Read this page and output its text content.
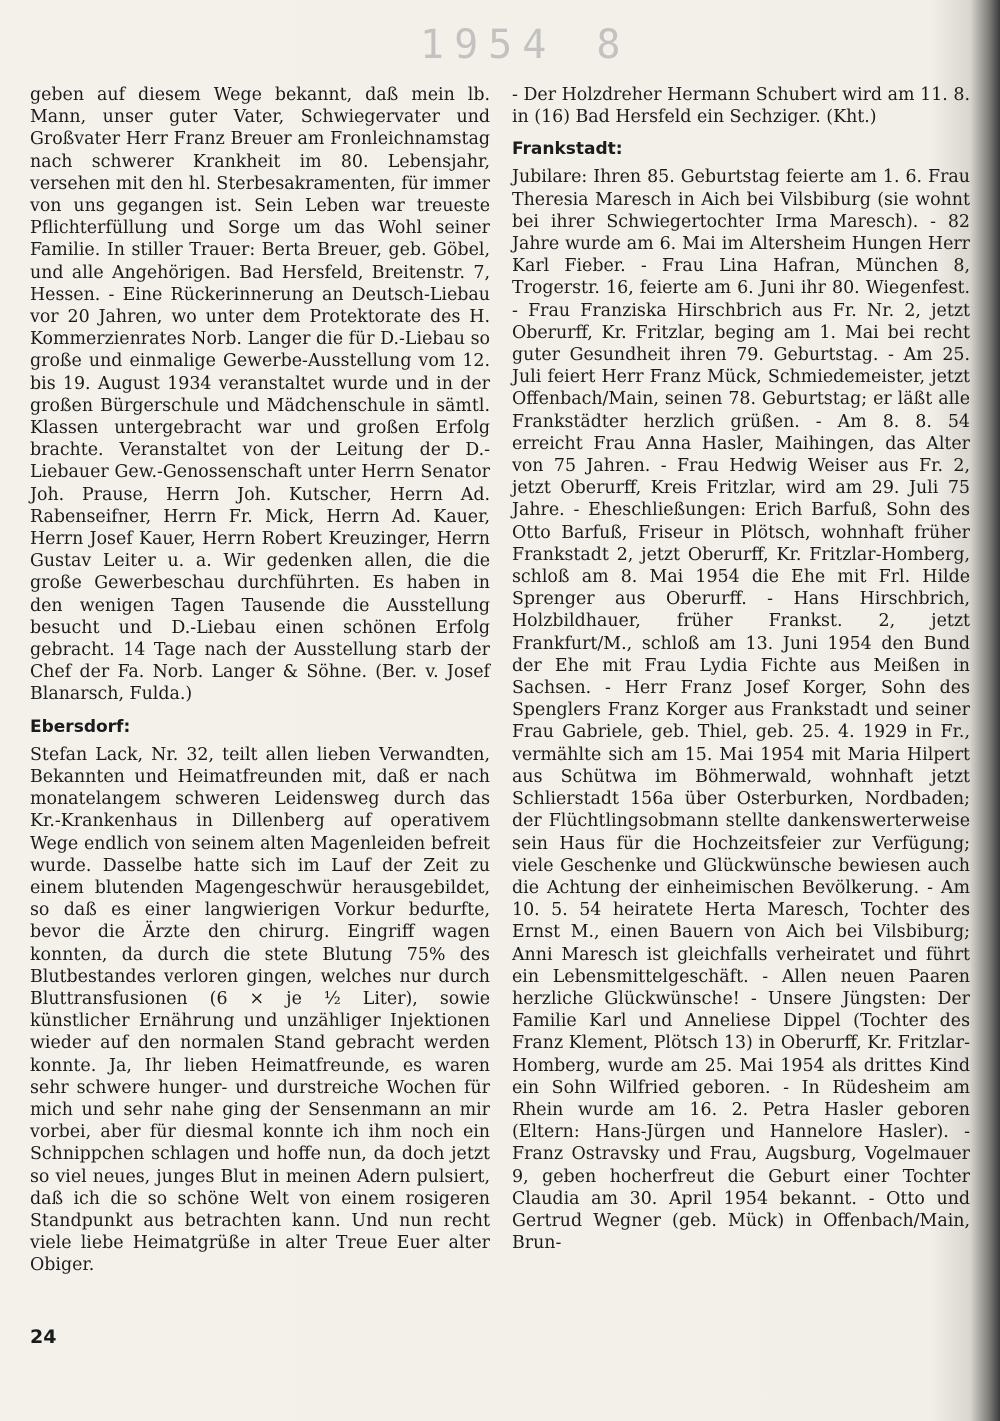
1954 8

geben auf diesem Wege bekannt, daß mein lb. Mann, unser guter Vater, Schwiegervater und Großvater Herr Franz Breuer am Fronleichnamstag nach schwerer Krankheit im 80. Lebensjahr, versehen mit den hl. Sterbesakramenten, für immer von uns gegangen ist. Sein Leben war treueste Pflichterfüllung und Sorge um das Wohl seiner Familie. In stiller Trauer: Berta Breuer, geb. Göbel, und alle Angehörigen. Bad Hersfeld, Breitenstr. 7, Hessen. - Eine Rückerinnerung an Deutsch-Liebau vor 20 Jahren, wo unter dem Protektorate des H. Kommerzienrates Norb. Langer die für D.-Liebau so große und einmalige Gewerbe-Ausstellung vom 12. bis 19. August 1934 veranstaltet wurde und in der großen Bürgerschule und Mädchenschule in sämtl. Klassen untergebracht war und großen Erfolg brachte. Veranstaltet von der Leitung der D.-Liebauer Gew.-Genossenschaft unter Herrn Senator Joh. Prause, Herrn Joh. Kutscher, Herrn Ad. Rabenseifner, Herrn Fr. Mick, Herrn Ad. Kauer, Herrn Josef Kauer, Herrn Robert Kreuzinger, Herrn Gustav Leiter u. a. Wir gedenken allen, die die große Gewerbeschau durchführten. Es haben in den wenigen Tagen Tausende die Ausstellung besucht und D.-Liebau einen schönen Erfolg gebracht. 14 Tage nach der Ausstellung starb der Chef der Fa. Norb. Langer & Söhne. (Ber. v. Josef Blanarsch, Fulda.)

Ebersdorf:

Stefan Lack, Nr. 32, teilt allen lieben Verwandten, Bekannten und Heimatfreunden mit, daß er nach monatelangem schweren Leidensweg durch das Kr.-Krankenhaus in Dillenberg auf operativem Wege endlich von seinem alten Magenleiden befreit wurde. Dasselbe hatte sich im Lauf der Zeit zu einem blutenden Magengeschwür herausgebildet, so daß es einer langwierigen Vorkur bedurfte, bevor die Ärzte den chirurg. Eingriff wagen konnten, da durch die stete Blutung 75% des Blutbestandes verloren gingen, welches nur durch Bluttransfusionen (6 × je ½ Liter), sowie künstlicher Ernährung und unzähliger Injektionen wieder auf den normalen Stand gebracht werden konnte. Ja, Ihr lieben Heimatfreunde, es waren sehr schwere hunger- und durstreiche Wochen für mich und sehr nahe ging der Sensenmann an mir vorbei, aber für diesmal konnte ich ihm noch ein Schnippchen schlagen und hoffe nun, da doch jetzt so viel neues, junges Blut in meinen Adern pulsiert, daß ich die so schöne Welt von einem rosigeren Standpunkt aus betrachten kann. Und nun recht viele liebe Heimatgrüße in alter Treue Euer alter Obiger.

- Der Holzdreher Hermann Schubert wird am 11. 8. in (16) Bad Hersfeld ein Sechziger. (Kht.)

Frankstadt:

Jubilare: Ihren 85. Geburtstag feierte am 1. 6. Frau Theresia Maresch in Aich bei Vilsbiburg (sie wohnt bei ihrer Schwiegertochter Irma Maresch). - 82 Jahre wurde am 6. Mai im Altersheim Hungen Herr Karl Fieber. - Frau Lina Hafran, München 8, Trogerstr. 16, feierte am 6. Juni ihr 80. Wiegenfest. - Frau Franziska Hirschbrich aus Fr. Nr. 2, jetzt Oberurff, Kr. Fritzlar, beging am 1. Mai bei recht guter Gesundheit ihren 79. Geburtstag. - Am 25. Juli feiert Herr Franz Mück, Schmiedemeister, jetzt Offenbach/Main, seinen 78. Geburtstag; er läßt alle Frankstädter herzlich grüßen. - Am 8. 8. 54 erreicht Frau Anna Hasler, Maihingen, das Alter von 75 Jahren. - Frau Hedwig Weiser aus Fr. 2, jetzt Oberurff, Kreis Fritzlar, wird am 29. Juli 75 Jahre. - Eheschließungen: Erich Barfuß, Sohn des Otto Barfuß, Friseur in Plötsch, wohnhaft früher Frankstadt 2, jetzt Oberurff, Kr. Fritzlar-Homberg, schloß am 8. Mai 1954 die Ehe mit Frl. Hilde Sprenger aus Oberurff. - Hans Hirschbrich, Holzbildhauer, früher Frankst. 2, jetzt Frankfurt/M., schloß am 13. Juni 1954 den Bund der Ehe mit Frau Lydia Fichte aus Meißen in Sachsen. - Herr Franz Josef Korger, Sohn des Spenglers Franz Korger aus Frankstadt und seiner Frau Gabriele, geb. Thiel, geb. 25. 4. 1929 in Fr., vermählte sich am 15. Mai 1954 mit Maria Hilpert aus Schütwa im Böhmerwald, wohnhaft jetzt Schlierstadt 156a über Osterburken, Nordbaden; der Flüchtlingsobmann stellte dankenswerterweise sein Haus für die Hochzeitsfeier zur Verfügung; viele Geschenke und Glückwünsche bewiesen auch die Achtung der einheimischen Bevölkerung. - Am 10. 5. 54 heiratete Herta Maresch, Tochter des Ernst M., einen Bauern von Aich bei Vilsbiburg; Anni Maresch ist gleichfalls verheiratet und führt ein Lebensmittelgeschäft. - Allen neuen Paaren herzliche Glückwünsche! - Unsere Jüngsten: Der Familie Karl und Anneliese Dippel (Tochter des Franz Klement, Plötsch 13) in Oberurff, Kr. Fritzlar-Homberg, wurde am 25. Mai 1954 als drittes Kind ein Sohn Wilfried geboren. - In Rüdesheim am Rhein wurde am 16. 2. Petra Hasler geboren (Eltern: Hans-Jürgen und Hannelore Hasler). - Franz Ostravsky und Frau, Augsburg, Vogelmauer 9, geben hocherfreut die Geburt einer Tochter Claudia am 30. April 1954 bekannt. - Otto und Gertrud Wegner (geb. Mück) in Offenbach/Main, Brun-

24
